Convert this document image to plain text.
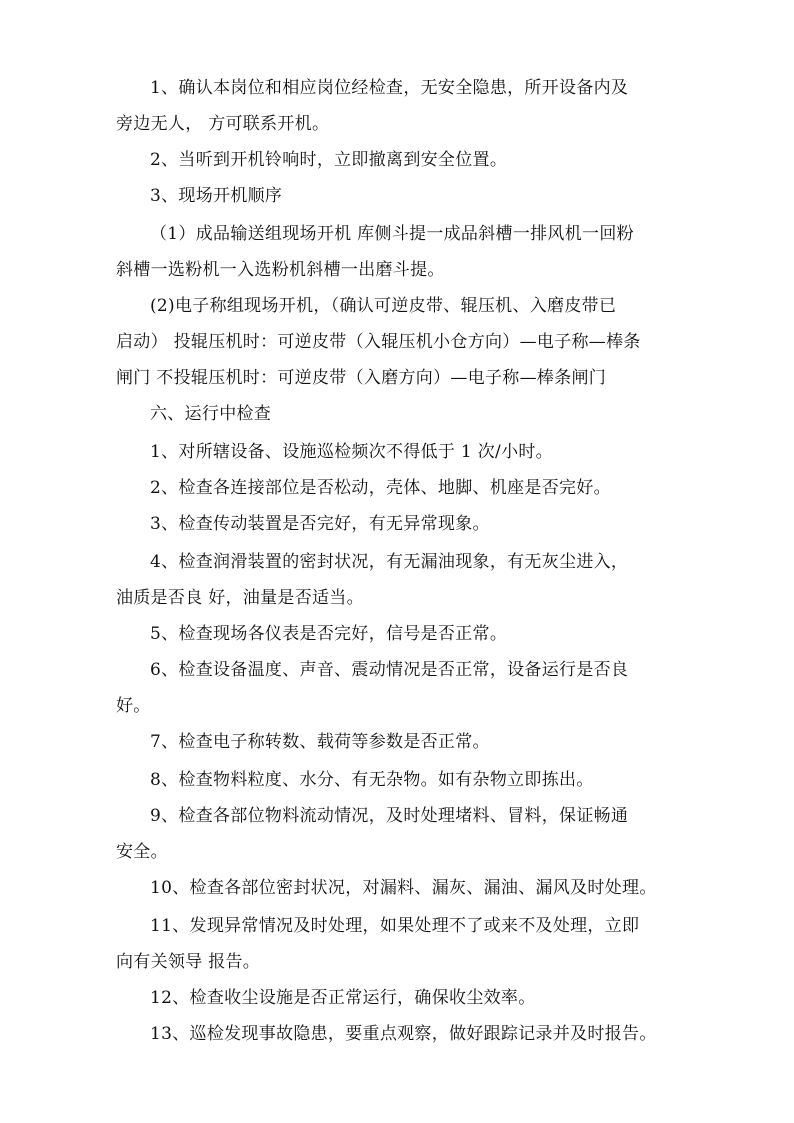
1、确认本岗位和相应岗位经检查，无安全隐患，所开设备内及
旁边无人， 方可联系开机。

2、当听到开机铃响时，立即撤离到安全位置。

3、现场开机顺序

（1）成品输送组现场开机 库侧斗提一成品斜槽一排风机一回粉
斜槽一选粉机一入选粉机斜槽一出磨斗提。

(2)电子称组现场开机，（确认可逆皮带、辊压机、入磨皮带已
启动） 投辊压机时：可逆皮带（入辊压机小仓方向）—电子称—棒条
闸门 不投辊压机时：可逆皮带（入磨方向）—电子称—棒条闸门

六、运行中检查

1、对所辖设备、设施巡检频次不得低于 1 次/小时。

2、检查各连接部位是否松动，壳体、地脚、机座是否完好。

3、检查传动装置是否完好，有无异常现象。

4、检查润滑装置的密封状况，有无漏油现象，有无灰尘进入，
油质是否良 好，油量是否适当。

5、检查现场各仪表是否完好，信号是否正常。

6、检查设备温度、声音、震动情况是否正常，设备运行是否良
好。

7、检查电子称转数、载荷等参数是否正常。

8、检查物料粒度、水分、有无杂物。如有杂物立即拣出。

9、检查各部位物料流动情况，及时处理堵料、冒料，保证畅通
安全。

10、检查各部位密封状况，对漏料、漏灰、漏油、漏风及时处理。

11、发现异常情况及时处理，如果处理不了或来不及处理，立即
向有关领导 报告。

12、检查收尘设施是否正常运行，确保收尘效率。

13、巡检发现事故隐患，要重点观察，做好跟踪记录并及时报告。
